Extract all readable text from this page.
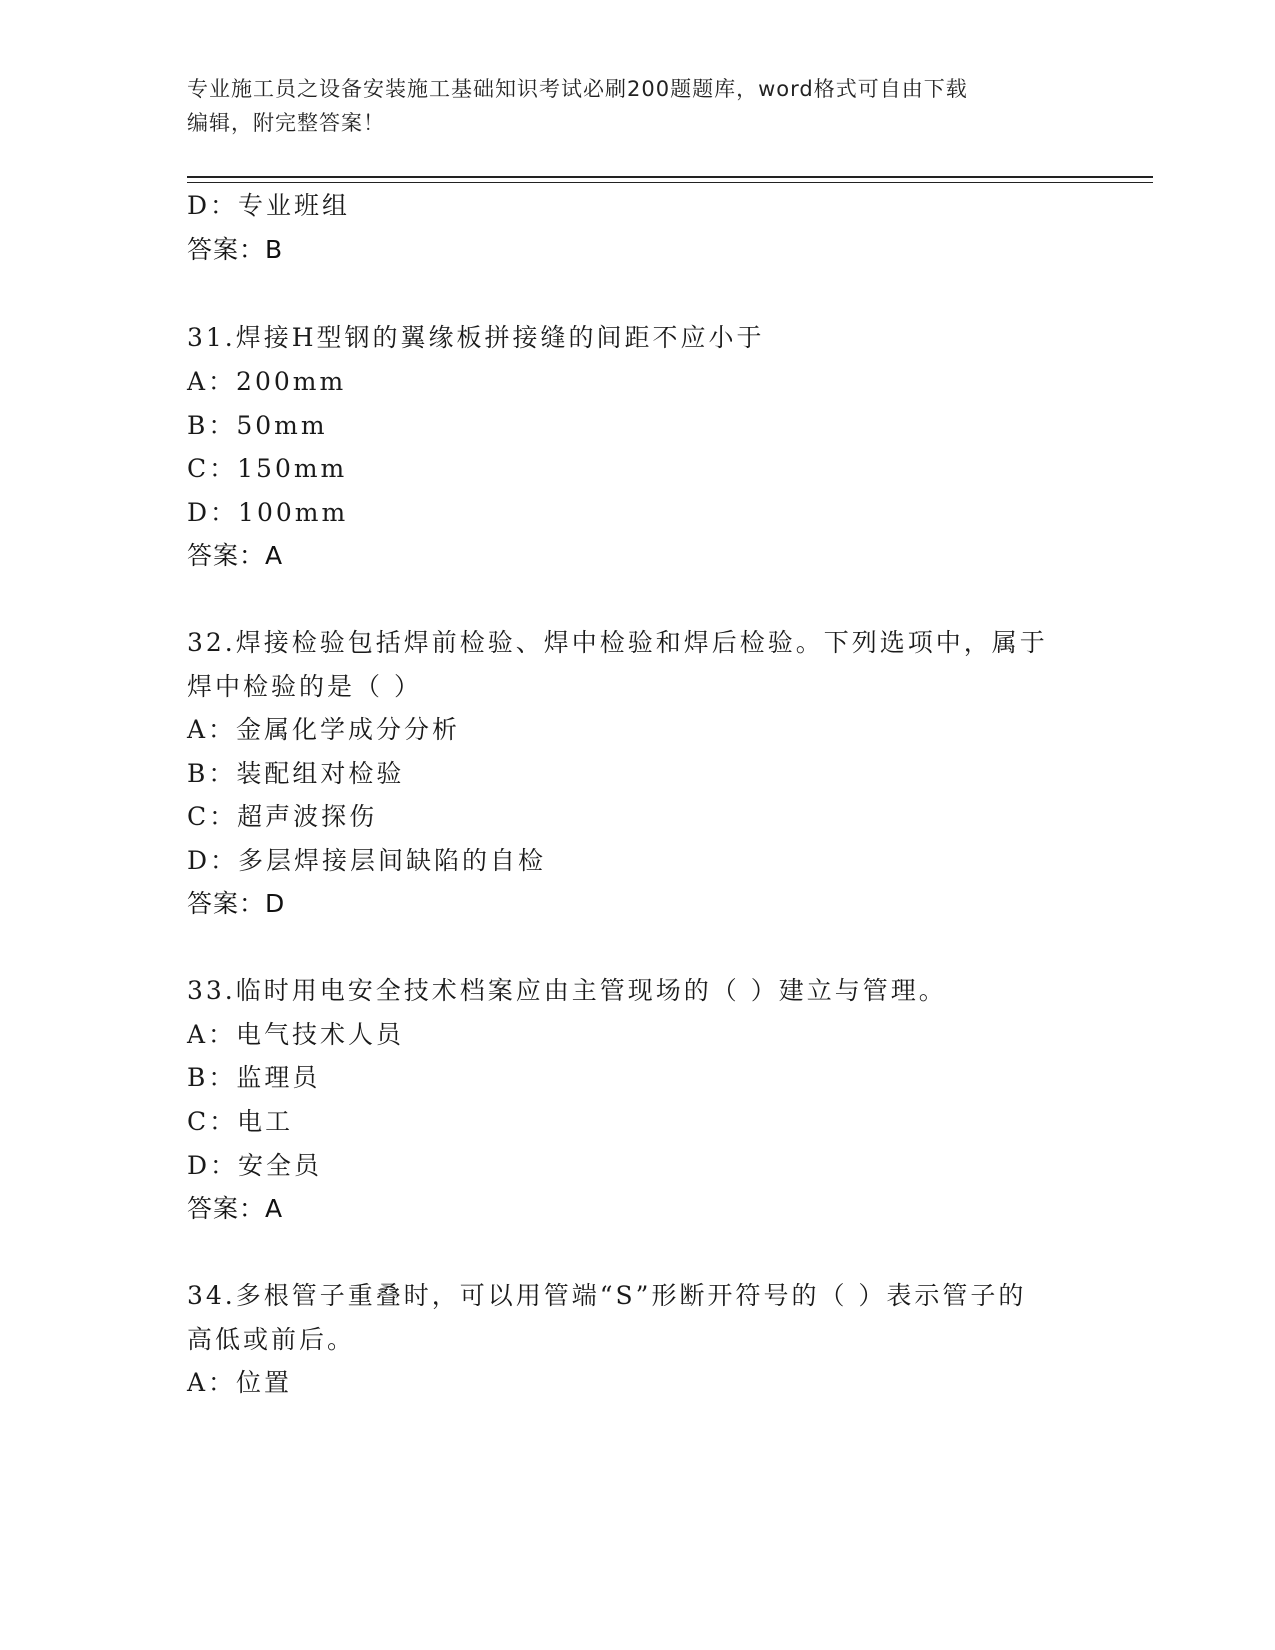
专业施工员之设备安装施工基础知识考试必刷200题题库，word格式可自由下载
编辑，附完整答案！
D：专业班组
答案：B
31.焊接H型钢的翼缘板拼接缝的间距不应小于
A：200mm
B：50mm
C：150mm
D：100mm
答案：A
32.焊接检验包括焊前检验、焊中检验和焊后检验。下列选项中，属于
焊中检验的是（ ）
A：金属化学成分分析
B：装配组对检验
C：超声波探伤
D：多层焊接层间缺陷的自检
答案：D
33.临时用电安全技术档案应由主管现场的（ ）建立与管理。
A：电气技术人员
B：监理员
C：电工
D：安全员
答案：A
34.多根管子重叠时，可以用管端“S”形断开符号的（ ）表示管子的
高低或前后。
A：位置
